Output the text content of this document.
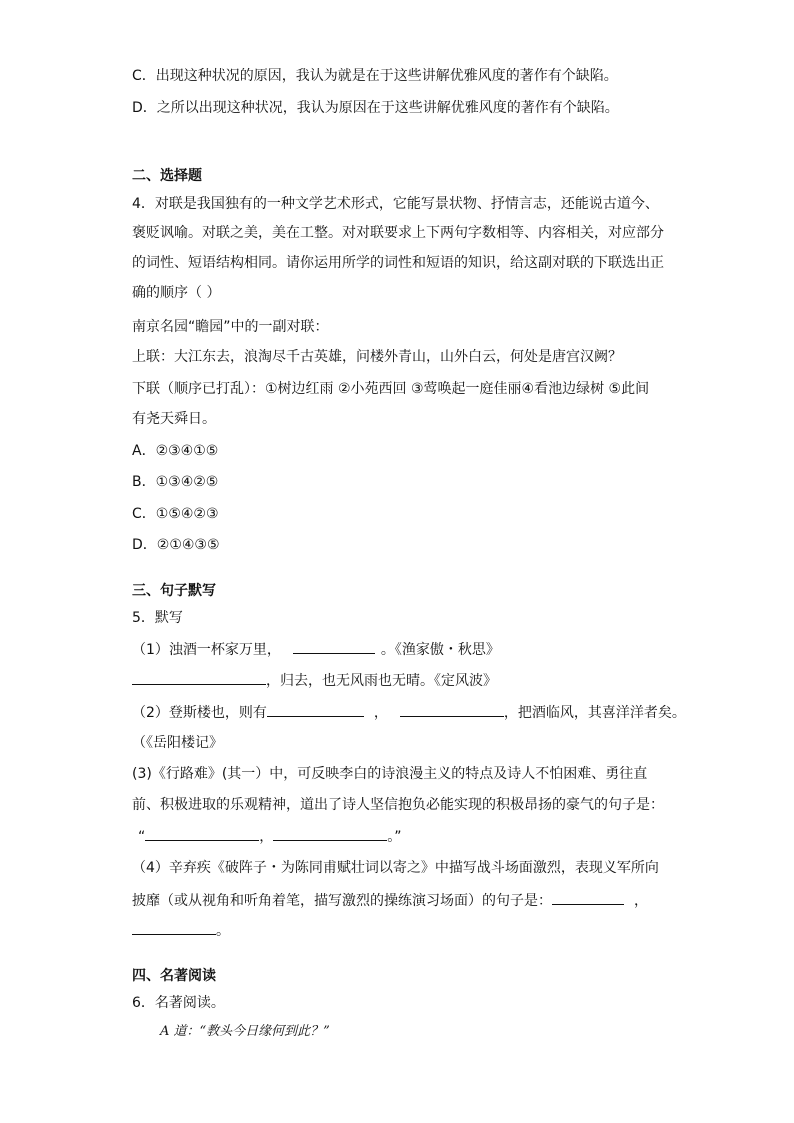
C．出现这种状况的原因，我认为就是在于这些讲解优雅风度的著作有个缺陷。
D．之所以出现这种状况，我认为原因在于这些讲解优雅风度的著作有个缺陷。
二、选择题
4．对联是我国独有的一种文学艺术形式，它能写景状物、抒情言志，还能说古道今、
褒贬讽喻。对联之美，美在工整。对对联要求上下两句字数相等、内容相关，对应部分
的词性、短语结构相同。请你运用所学的词性和短语的知识，给这副对联的下联选出正
确的顺序（ ）
南京名园“瞻园”中的一副对联：
上联：大江东去，浪淘尽千古英雄，问楼外青山，山外白云，何处是唐宫汉阙？
下联（顺序已打乱）：①树边红雨 ②小苑西回 ③莺唤起一庭佳丽④看池边绿树 ⑤此间
有尧天舜日。
A．②③④①⑤
B．①③④②⑤
C．①⑤④②③
D．②①④③⑤
三、句子默写
5．默写
（1）浊酒一杯家万里，	。《渔家傲・秋思》
，归去，也无风雨也无晴。《定风波》
（2）登斯楼也，则有	，	，把酒临风，其喜洋洋者矣。
（《岳阳楼记》
(3)《行路难》(其一）中，可反映李白的诗浪漫主义的特点及诗人不怕困难、勇往直
前、积极进取的乐观精神，道出了诗人坚信抱负必能实现的积极昂扬的豪气的句子是：
“	，	。”
（4）辛弃疾《破阵子・为陈同甫赋壮词以寄之》中描写战斗场面激烈，表现义军所向
披靡（或从视角和听角着笔，描写激烈的操练演习场面）的句子是：	，
。
四、名著阅读
6．名著阅读。
A 道：“教头今日缘何到此？”
